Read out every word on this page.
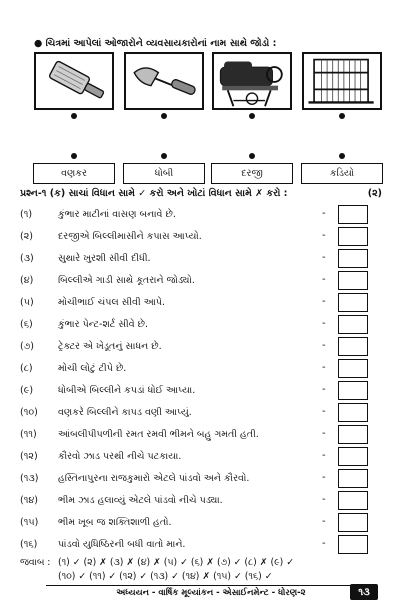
● ચિત્રમાં આપેલાં ઓજારોને વ્યવસાયકારોનાં નામ સાથે જોડો :
વણકર	ધોબી	દરજી	કડિયો
પ્રશ્ન-૧ (ક) સાચાં વિધાન સામે ✓ કરો અને ખોટાં વિધાન સામે ✗ કરો :	(૨)
(૧)	કુંભાર માટીનાં વાસણ બનાવે છે.	-
(૨)	દરજીએ બિલ્લીમાસીને કપાસ આપ્યો.	-
(૩)	સુથારે ખુરશી સીવી દીધી.	-
(૪)	બિલ્લીએ ગાડી સાથે કૂતરાને જોડ્યો.	-
(૫)	મોચીભાઈ ચંપલ સીવી આપે.	-
(૬)	કુંભાર પેન્ટ-શર્ટ સીવે છે.	-
(૭)	ટ્રેક્ટર એ ખેડૂતનું સાધન છે.	-
(૮)	મોચી લોટું ટીપે છે.	-
(૯)	ધોબીએ બિલ્લીને કપડાં ધોઈ આપ્યા.	-
(૧૦) વણકરે બિલ્લીને કાપડ વણી આપ્યું.	-
(૧૧) આંબલીપીપળીની રમત રમવી ભીમને બહુ ગમતી હતી.	-
(૧૨) કૌરવો ઝાડ પરથી નીચે પટકાયા.	-
(૧૩) હસ્તિનાપુરના રાજકુમારો એટલે પાંડવો અને કૌરવો.	-
(૧૪) ભીમ ઝાડ હલાવ્યું એટલે પાંડવો નીચે પડ્યા.	-
(૧૫) ભીમ ખૂબ જ શક્તિશાળી હતો.	-
(૧૬) પાંડવો યુધિષ્ઠિરની બધી વાતો માને.	-
જવાબ : (૧) ✓ (૨) ✗ (૩) ✗ (૪) ✗ (૫) ✓ (૬) ✗ (૭) ✓ (૮) ✗ (૯) ✓
(૧૦) ✓ (૧૧) ✓ (૧૨) ✓ (૧૩) ✓ (૧૪) ✗ (૧૫) ✓ (૧૬) ✓
અધ્યયન - વાર્ષિક મૂલ્યાંકન - એસાઈનમેન્ટ - ધોરણ-૨	૧૩
